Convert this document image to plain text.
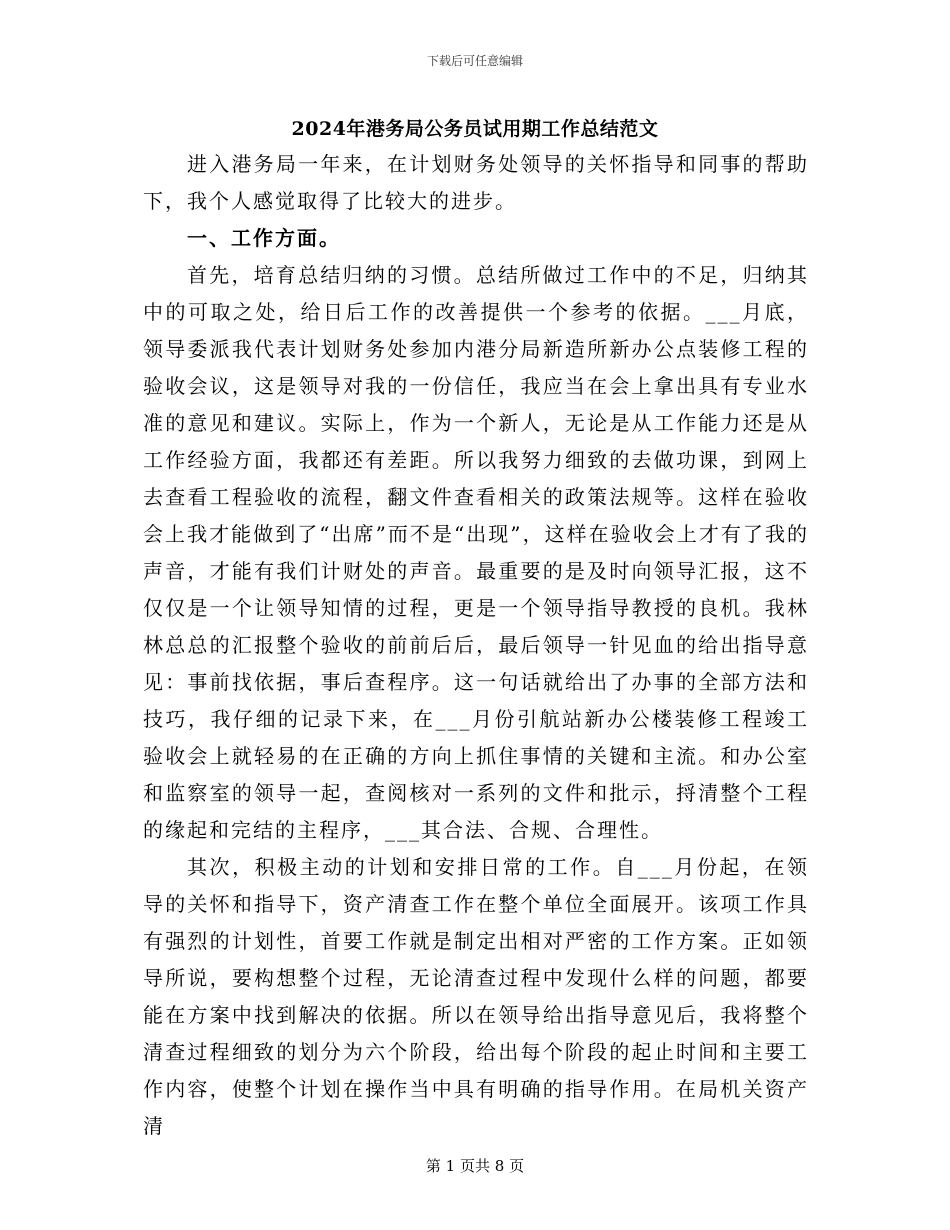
下载后可任意编辑
2024年港务局公务员试用期工作总结范文

进入港务局一年来，在计划财务处领导的关怀指导和同事的帮助下，我个人感觉取得了比较大的进步。

一、工作方面。

首先，培育总结归纳的习惯。总结所做过工作中的不足，归纳其中的可取之处，给日后工作的改善提供一个参考的依据。___月底，领导委派我代表计划财务处参加内港分局新造所新办公点装修工程的验收会议，这是领导对我的一份信任，我应当在会上拿出具有专业水准的意见和建议。实际上，作为一个新人，无论是从工作能力还是从工作经验方面，我都还有差距。所以我努力细致的去做功课，到网上去查看工程验收的流程，翻文件查看相关的政策法规等。这样在验收会上我才能做到了“出席”而不是“出现”，这样在验收会上才有了我的声音，才能有我们计财处的声音。最重要的是及时向领导汇报，这不仅仅是一个让领导知情的过程，更是一个领导指导教授的良机。我林林总总的汇报整个验收的前前后后，最后领导一针见血的给出指导意见：事前找依据，事后查程序。这一句话就给出了办事的全部方法和技巧，我仔细的记录下来，在___月份引航站新办公楼装修工程竣工验收会上就轻易的在正确的方向上抓住事情的关键和主流。和办公室和监察室的领导一起，查阅核对一系列的文件和批示，捋清整个工程的缘起和完结的主程序，___其合法、合规、合理性。

其次，积极主动的计划和安排日常的工作。自___月份起，在领导的关怀和指导下，资产清查工作在整个单位全面展开。该项工作具有强烈的计划性，首要工作就是制定出相对严密的工作方案。正如领导所说，要构想整个过程，无论清查过程中发现什么样的问题，都要能在方案中找到解决的依据。所以在领导给出指导意见后，我将整个清查过程细致的划分为六个阶段，给出每个阶段的起止时间和主要工作内容，使整个计划在操作当中具有明确的指导作用。在局机关资产清

第 1 页共 8 页
